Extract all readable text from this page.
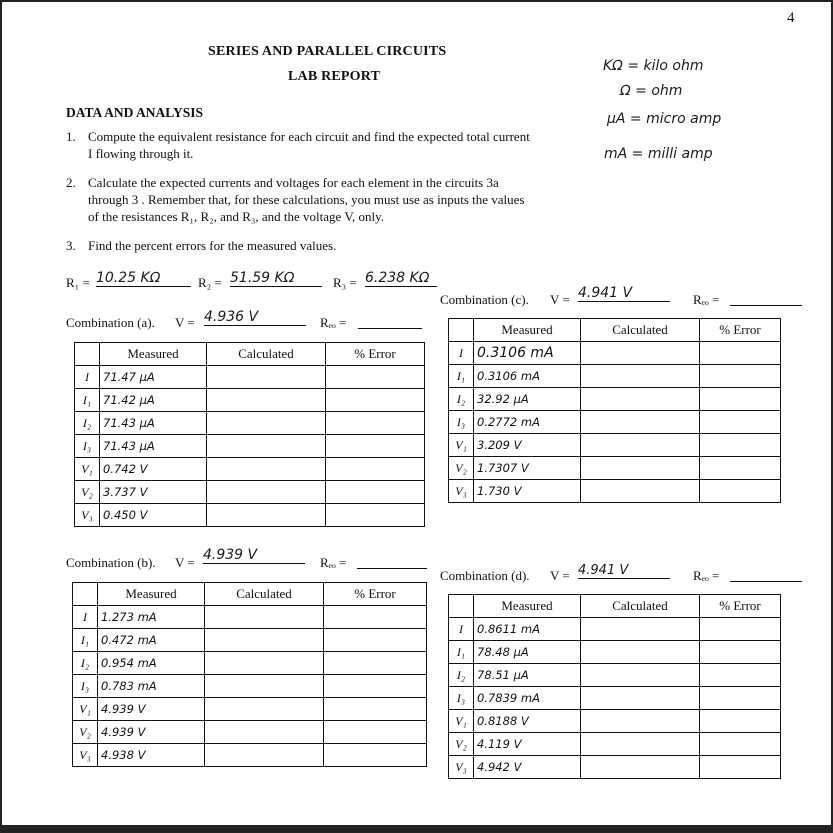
4
SERIES AND PARALLEL CIRCUITS
LAB REPORT
KΩ = kilo ohm
Ω = ohm
μA = micro amp
mA = milli amp
DATA AND ANALYSIS
1. Compute the equivalent resistance for each circuit and find the expected total current
I flowing through it.
2. Calculate the expected currents and voltages for each element in the circuits 3a
through 3 . Remember that, for these calculations, you must use as inputs the values
of the resistances R₁, R₂, and R₃, and the voltage V, only.
3. Find the percent errors for the measured values.
R₁ = 10.25 KΩ	R₂ = 51.59 KΩ	R₃ = 6.238 KΩ
Combination (a). V = 4.936 V	Rₑₒ =
	Measured	Calculated	% Error
I	71.47 μA		
I₁	71.42 μA		
I₂	71.43 μA		
I₃	71.43 μA		
V₁	0.742 V		
V₂	3.737 V		
V₃	0.450 V		
Combination (c). V = 4.941 V	Rₑₒ =
	Measured	Calculated	% Error
I	0.3106 mA		
I₁	0.3106 mA		
I₂	32.92 μA		
I₃	0.2772 mA		
V₁	3.209 V		
V₂	1.7307 V		
V₃	1.730 V		
Combination (b). V = 4.939 V	Rₑₒ =
	Measured	Calculated	% Error
I	1.273 mA		
I₁	0.472 mA		
I₂	0.954 mA		
I₃	0.783 mA		
V₁	4.939 V		
V₂	4.939 V		
V₃	4.938 V		
Combination (d). V = 4.941 V	Rₑₒ =
	Measured	Calculated	% Error
I	0.8611 mA		
I₁	78.48 μA		
I₂	78.51 μA		
I₃	0.7839 mA		
V₁	0.8188 V		
V₂	4.119 V		
V₃	4.942 V		
